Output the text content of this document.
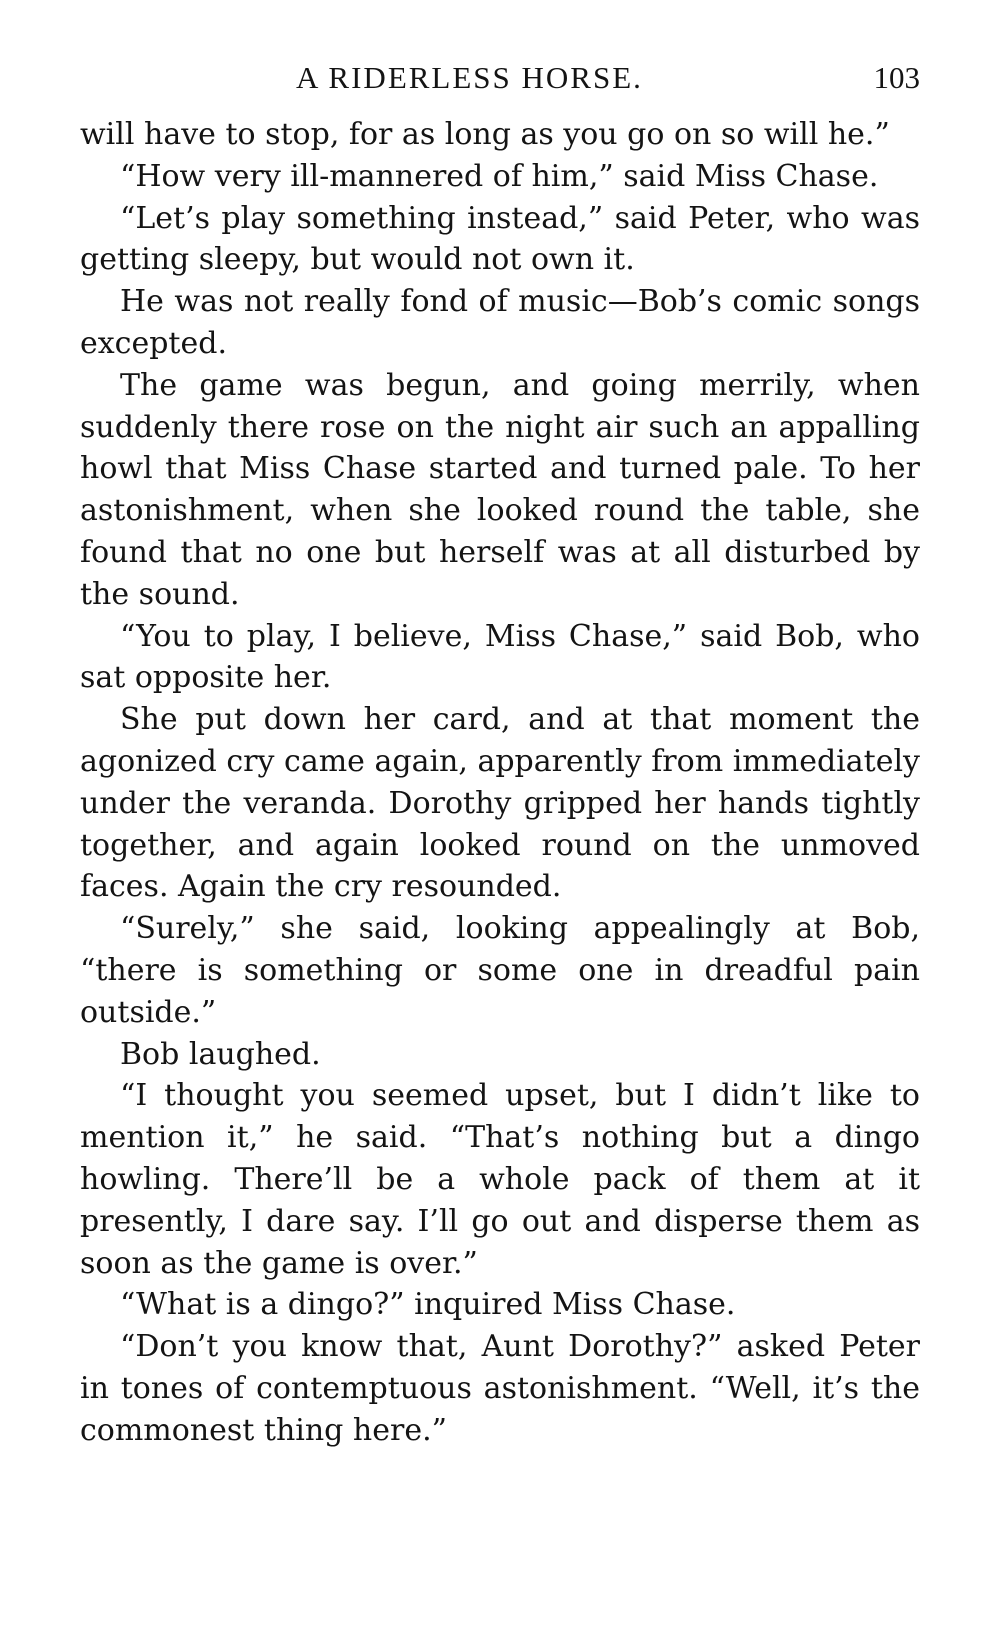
A RIDERLESS HORSE.	103

will have to stop, for as long as you go on so will he.”

“How very ill-mannered of him,” said Miss Chase.

“Let’s play something instead,” said Peter, who was getting sleepy, but would not own it.

He was not really fond of music—Bob’s comic songs excepted.

The game was begun, and going merrily, when suddenly there rose on the night air such an appalling howl that Miss Chase started and turned pale. To her astonishment, when she looked round the table, she found that no one but herself was at all disturbed by the sound.

“You to play, I believe, Miss Chase,” said Bob, who sat opposite her.

She put down her card, and at that moment the agonized cry came again, apparently from immediately under the veranda. Dorothy gripped her hands tightly together, and again looked round on the unmoved faces. Again the cry resounded.

“Surely,” she said, looking appealingly at Bob, “there is something or some one in dreadful pain outside.”

Bob laughed.

“I thought you seemed upset, but I didn’t like to mention it,” he said. “That’s nothing but a dingo howling. There’ll be a whole pack of them at it presently, I dare say. I’ll go out and disperse them as soon as the game is over.”

“What is a dingo?” inquired Miss Chase.

“Don’t you know that, Aunt Dorothy?” asked Peter in tones of contemptuous astonishment. “Well, it’s the commonest thing here.”
